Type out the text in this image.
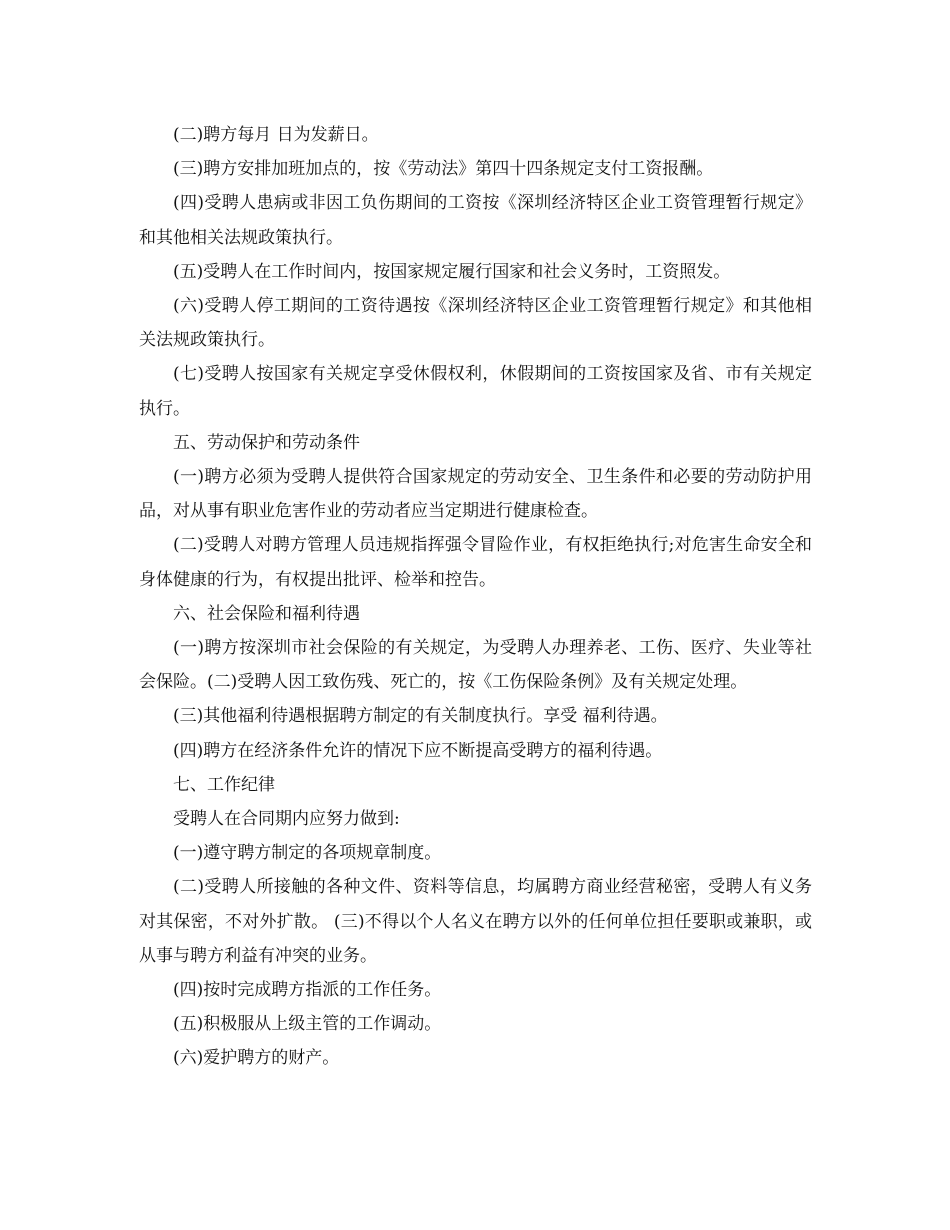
(二)聘方每月 日为发薪日。

(三)聘方安排加班加点的，按《劳动法》第四十四条规定支付工资报酬。

(四)受聘人患病或非因工负伤期间的工资按《深圳经济特区企业工资管理暂行规定》和其他相关法规政策执行。

(五)受聘人在工作时间内，按国家规定履行国家和社会义务时，工资照发。

(六)受聘人停工期间的工资待遇按《深圳经济特区企业工资管理暂行规定》和其他相关法规政策执行。

(七)受聘人按国家有关规定享受休假权利，休假期间的工资按国家及省、市有关规定执行。

五、劳动保护和劳动条件

(一)聘方必须为受聘人提供符合国家规定的劳动安全、卫生条件和必要的劳动防护用品，对从事有职业危害作业的劳动者应当定期进行健康检查。

(二)受聘人对聘方管理人员违规指挥强令冒险作业，有权拒绝执行;对危害生命安全和身体健康的行为，有权提出批评、检举和控告。

六、社会保险和福利待遇

(一)聘方按深圳市社会保险的有关规定，为受聘人办理养老、工伤、医疗、失业等社会保险。(二)受聘人因工致伤残、死亡的，按《工伤保险条例》及有关规定处理。

(三)其他福利待遇根据聘方制定的有关制度执行。享受 福利待遇。

(四)聘方在经济条件允许的情况下应不断提高受聘方的福利待遇。

七、工作纪律

受聘人在合同期内应努力做到:

(一)遵守聘方制定的各项规章制度。

(二)受聘人所接触的各种文件、资料等信息，均属聘方商业经营秘密，受聘人有义务对其保密，不对外扩散。 (三)不得以个人名义在聘方以外的任何单位担任要职或兼职，或从事与聘方利益有冲突的业务。

(四)按时完成聘方指派的工作任务。

(五)积极服从上级主管的工作调动。

(六)爱护聘方的财产。
